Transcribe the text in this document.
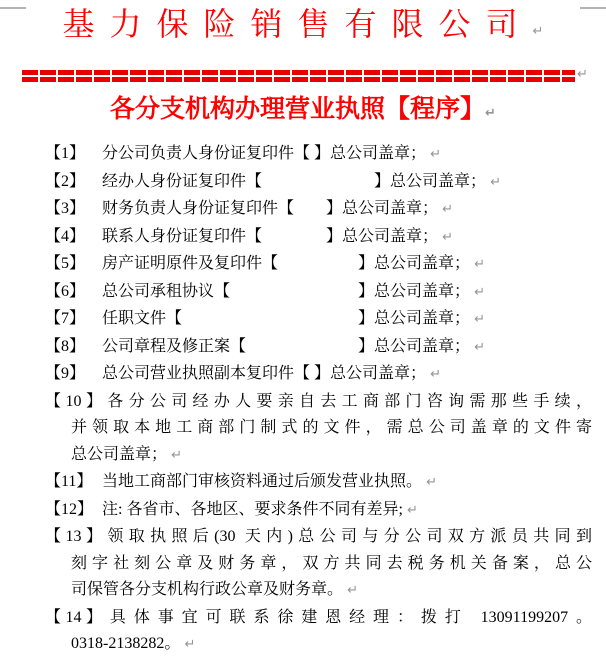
基力保险销售有限公司↵
↵
各分支机构办理营业执照【程序】↵
【1】 分公司负责人身份证复印件【 】总公司盖章； ↵
【2】 经办人身份证复印件【　　　　　　　】总公司盖章； ↵
【3】 财务负责人身份证复印件【　　】总公司盖章； ↵
【4】 联系人身份证复印件【　　　　】总公司盖章； ↵
【5】 房产证明原件及复印件【　　　　　】总公司盖章； ↵
【6】 总公司承租协议【　　　　　　　　】总公司盖章； ↵
【7】 任职文件【　　　　　　　　　　　】总公司盖章； ↵
【8】 公司章程及修正案【　　　　　　　】总公司盖章； ↵
【9】 总公司营业执照副本复印件【 】总公司盖章； ↵
【10】各分公司经办人要亲自去工商部门咨询需那些手续，
并领取本地工商部门制式的文件，需总公司盖章的文件寄
总公司盖章； ↵
【11】 当地工商部门审核资料通过后颁发营业执照。 ↵
【12】 注: 各省市、各地区、要求条件不同有差异; ↵
【13】领取执照后(30 天内)总公司与分公司双方派员共同到
刻字社刻公章及财务章，双方共同去税务机关备案，总公
司保管各分支机构行政公章及财务章。 ↵
【14】具体事宜可联系徐建恩经理：拨打 13091199207。
0318-2138282。 ↵
